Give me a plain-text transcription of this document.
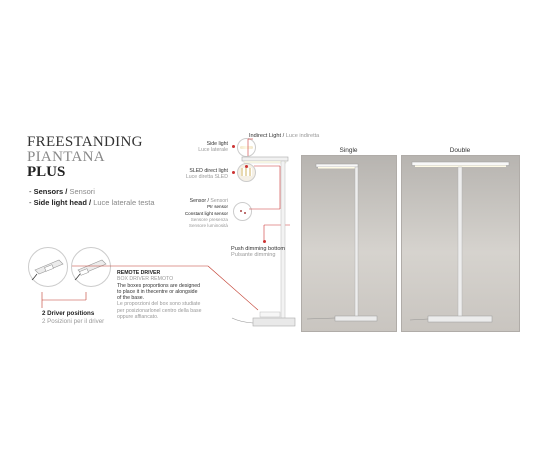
FREESTANDING
PIANTANA
PLUS
- Sensors / Sensori
- Side light head / Luce laterale testa
Side light
Luce laterale
SLED direct light
Luce diretta SLED
Sensor / Sensori
PIr sensor
Constant light sensor
Sensore presenza
Sensore luminosità
Indirect Light / Luce indiretta
Push dimming bottom
Pulsante dimming
2 Driver positions
2 Posizioni per il driver
REMOTE DRIVER
BOX DRIVER REMOTO
The boxes proportions are designed
to place it in thecentre or alongside
of the base.
Le proporzioni del box sono studiate
per posizionarlonel centro della base
oppure affiancato.
Single	Double
